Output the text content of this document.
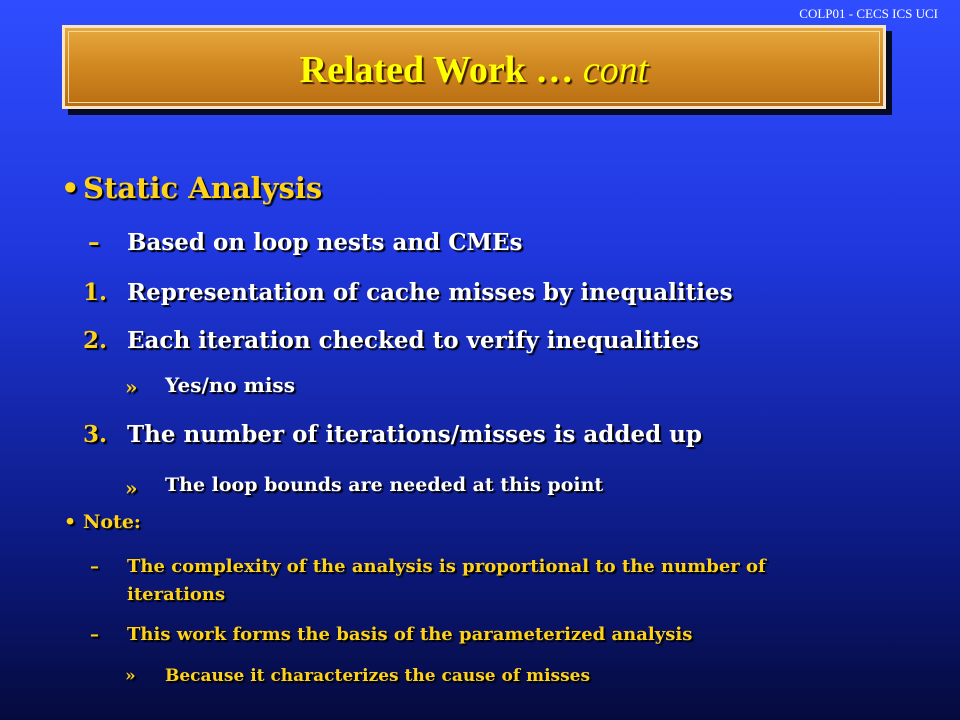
COLP01 - CECS ICS UCI
Related Work … cont
• Static Analysis
– Based on loop nests and CMEs
1. Representation of cache misses by inequalities
2. Each iteration checked to verify inequalities
» Yes/no miss
3. The number of iterations/misses is added up
» The loop bounds are needed at this point
• Note:
– The complexity of the analysis is proportional to the number of
iterations
– This work forms the basis of the parameterized analysis
» Because it characterizes the cause of misses
